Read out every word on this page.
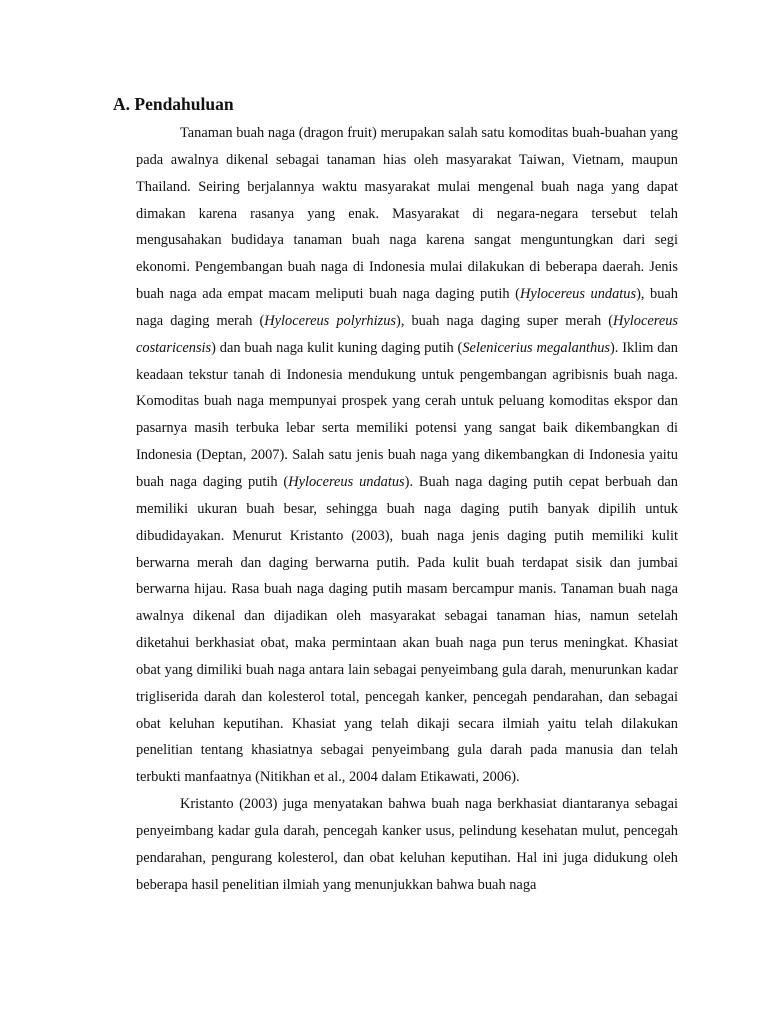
A. Pendahuluan

Tanaman buah naga (dragon fruit) merupakan salah satu komoditas buah-buahan yang pada awalnya dikenal sebagai tanaman hias oleh masyarakat Taiwan, Vietnam, maupun Thailand. Seiring berjalannya waktu masyarakat mulai mengenal buah naga yang dapat dimakan karena rasanya yang enak. Masyarakat di negara-negara tersebut telah mengusahakan budidaya tanaman buah naga karena sangat menguntungkan dari segi ekonomi. Pengembangan buah naga di Indonesia mulai dilakukan di beberapa daerah. Jenis buah naga ada empat macam meliputi buah naga daging putih (Hylocereus undatus), buah naga daging merah (Hylocereus polyrhizus), buah naga daging super merah (Hylocereus costaricensis) dan buah naga kulit kuning daging putih (Selenicerius megalanthus). Iklim dan keadaan tekstur tanah di Indonesia mendukung untuk pengembangan agribisnis buah naga. Komoditas buah naga mempunyai prospek yang cerah untuk peluang komoditas ekspor dan pasarnya masih terbuka lebar serta memiliki potensi yang sangat baik dikembangkan di Indonesia (Deptan, 2007). Salah satu jenis buah naga yang dikembangkan di Indonesia yaitu buah naga daging putih (Hylocereus undatus). Buah naga daging putih cepat berbuah dan memiliki ukuran buah besar, sehingga buah naga daging putih banyak dipilih untuk dibudidayakan. Menurut Kristanto (2003), buah naga jenis daging putih memiliki kulit berwarna merah dan daging berwarna putih. Pada kulit buah terdapat sisik dan jumbai berwarna hijau. Rasa buah naga daging putih masam bercampur manis. Tanaman buah naga awalnya dikenal dan dijadikan oleh masyarakat sebagai tanaman hias, namun setelah diketahui berkhasiat obat, maka permintaan akan buah naga pun terus meningkat. Khasiat obat yang dimiliki buah naga antara lain sebagai penyeimbang gula darah, menurunkan kadar trigliserida darah dan kolesterol total, pencegah kanker, pencegah pendarahan, dan sebagai obat keluhan keputihan. Khasiat yang telah dikaji secara ilmiah yaitu telah dilakukan penelitian tentang khasiatnya sebagai penyeimbang gula darah pada manusia dan telah terbukti manfaatnya (Nitikhan et al., 2004 dalam Etikawati, 2006).

Kristanto (2003) juga menyatakan bahwa buah naga berkhasiat diantaranya sebagai penyeimbang kadar gula darah, pencegah kanker usus, pelindung kesehatan mulut, pencegah pendarahan, pengurang kolesterol, dan obat keluhan keputihan. Hal ini juga didukung oleh beberapa hasil penelitian ilmiah yang menunjukkan bahwa buah naga
